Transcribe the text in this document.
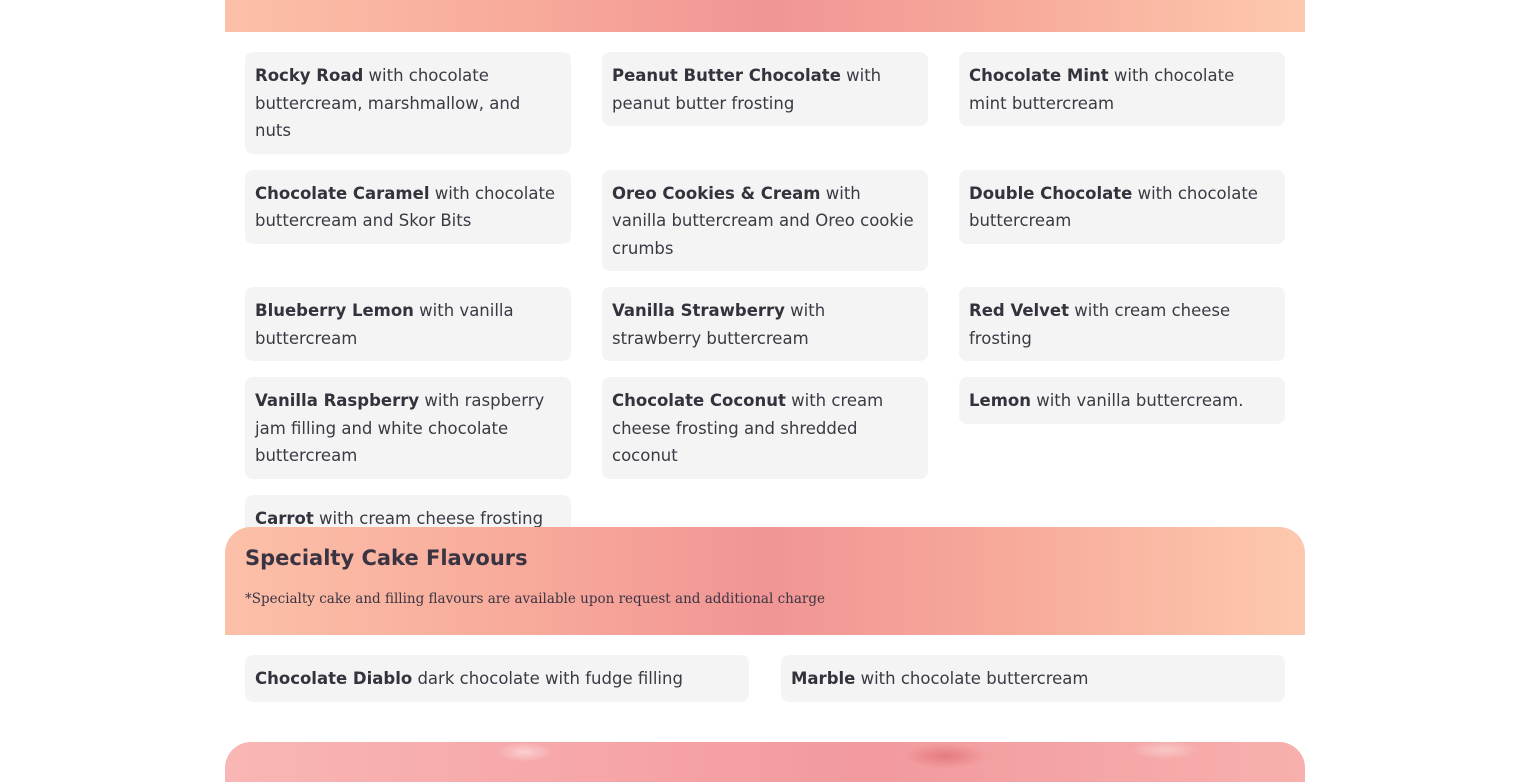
Rocky Road with chocolate buttercream, marshmallow, and nuts
Peanut Butter Chocolate with peanut butter frosting
Chocolate Mint with chocolate mint buttercream
Chocolate Caramel with chocolate buttercream and Skor Bits
Oreo Cookies & Cream with vanilla buttercream and Oreo cookie crumbs
Double Chocolate with chocolate buttercream
Blueberry Lemon with vanilla buttercream
Vanilla Strawberry with strawberry buttercream
Red Velvet with cream cheese frosting
Vanilla Raspberry with raspberry jam filling and white chocolate buttercream
Chocolate Coconut with cream cheese frosting and shredded coconut
Lemon with vanilla buttercream.
Carrot with cream cheese frosting
Specialty Cake Flavours

*Specialty cake and filling flavours are available upon request and additional charge

Chocolate Diablo dark chocolate with fudge filling	Marble with chocolate buttercream
